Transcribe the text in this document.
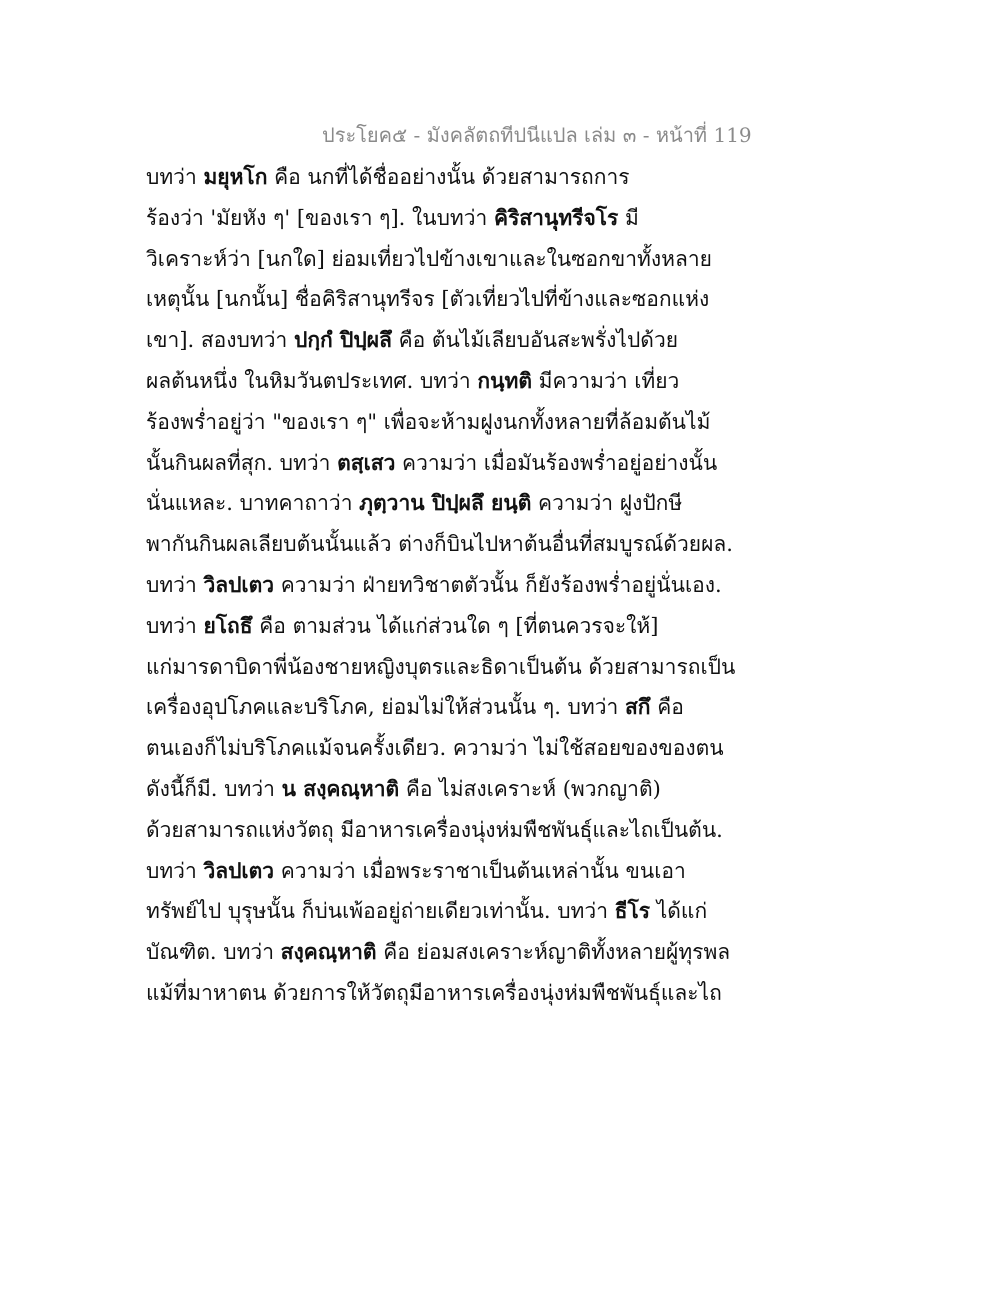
ประโยค๕ - มังคลัตถทีปนีแปล เล่ม ๓ - หน้าที่ 119
บทว่า มยุหโก คือ นกที่ได้ชื่ออย่างนั้น ด้วยสามารถการ
ร้องว่า 'มัยหัง ๆ' [ของเรา ๆ]. ในบทว่า คิริสานุทรีจโร มี
วิเคราะห์ว่า [นกใด] ย่อมเที่ยวไปข้างเขาและในซอกขาทั้งหลาย
เหตุนั้น [นกนั้น] ชื่อคิริสานุทรีจร [ตัวเที่ยวไปที่ข้างและซอกแห่ง
เขา]. สองบทว่า ปกฺกํ ปิปฺผลึ คือ ต้นไม้เลียบอันสะพรั่งไปด้วย
ผลต้นหนึ่ง ในหิมวันตประเทศ. บทว่า กนฺทติ มีความว่า เที่ยว
ร้องพร่ำอยู่ว่า "ของเรา ๆ" เพื่อจะห้ามฝูงนกทั้งหลายที่ล้อมต้นไม้
นั้นกินผลที่สุก. บทว่า ตสฺเสว ความว่า เมื่อมันร้องพร่ำอยู่อย่างนั้น
นั่นแหละ. บาทคาถาว่า ภุตฺวาน ปิปฺผลึ ยนฺติ ความว่า ฝูงปักษี
พากันกินผลเลียบต้นนั้นแล้ว ต่างก็บินไปหาต้นอื่นที่สมบูรณ์ด้วยผล.
บทว่า วิลปเตว ความว่า ฝ่ายทวิชาตตัวนั้น ก็ยังร้องพร่ำอยู่นั่นเอง.
บทว่า ยโถธึ คือ ตามส่วน ได้แก่ส่วนใด ๆ [ที่ตนควรจะให้]
แก่มารดาบิดาพี่น้องชายหญิงบุตรและธิดาเป็นต้น ด้วยสามารถเป็น
เครื่องอุปโภคและบริโภค, ย่อมไม่ให้ส่วนนั้น ๆ. บทว่า สกึ คือ
ตนเองก็ไม่บริโภคแม้จนครั้งเดียว. ความว่า ไม่ใช้สอยของของตน
ดังนี้ก็มี. บทว่า น สงฺคณฺหาติ คือ ไม่สงเคราะห์ (พวกญาติ)
ด้วยสามารถแห่งวัตถุ มีอาหารเครื่องนุ่งห่มพืชพันธุ์และไถเป็นต้น.
บทว่า วิลปเตว ความว่า เมื่อพระราชาเป็นต้นเหล่านั้น ขนเอา
ทรัพย์ไป บุรุษนั้น ก็บ่นเพ้ออยู่ถ่ายเดียวเท่านั้น. บทว่า ธีโร ได้แก่
บัณฑิต. บทว่า สงฺคณฺหาติ คือ ย่อมสงเคราะห์ญาติทั้งหลายผู้ทุรพล
แม้ที่มาหาตน ด้วยการให้วัตถุมีอาหารเครื่องนุ่งห่มพืชพันธุ์และไถ
